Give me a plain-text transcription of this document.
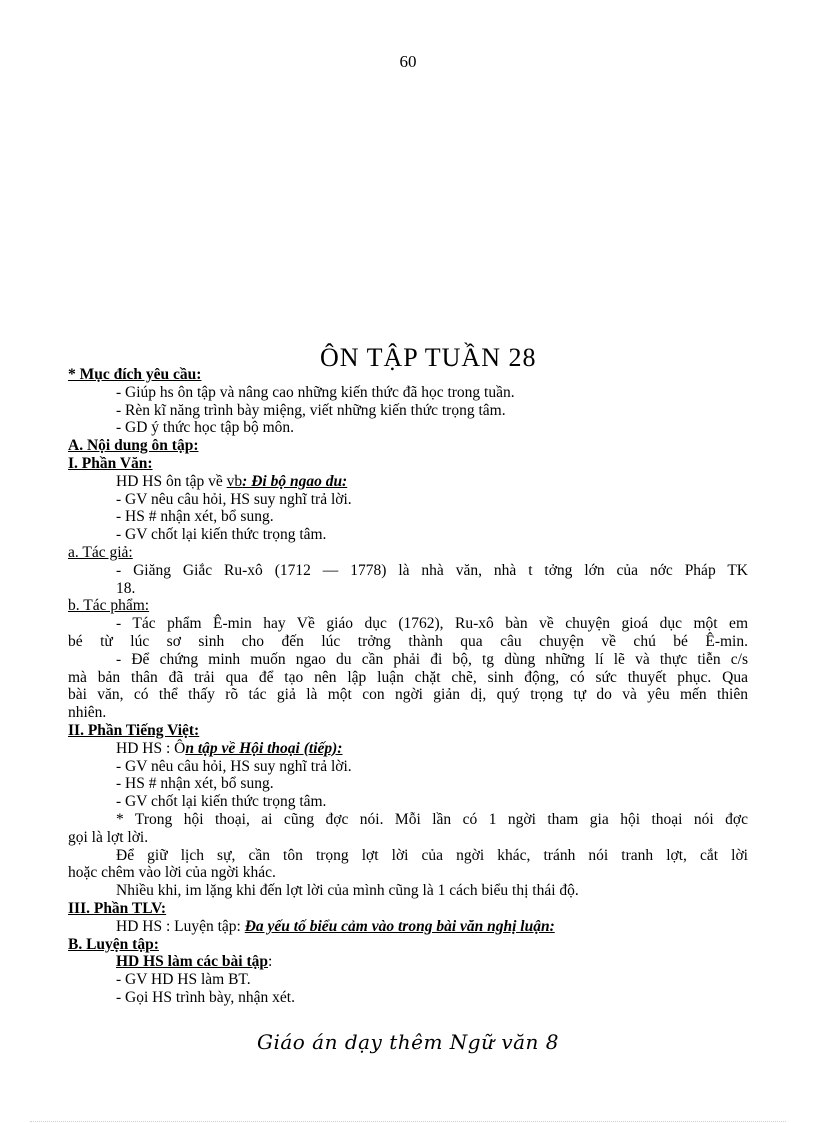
60
ÔN TẬP TUẦN 28
* Mục đích yêu cầu:
- Giúp hs ôn tập và nâng cao những kiến thức đã học trong tuần.
- Rèn kĩ năng trình bày miệng, viết những kiến thức trọng tâm.
- GD ý thức học tập bộ môn.
A. Nội dung ôn tập:
I. Phần Văn:
HD HS ôn tập về vb: Đi bộ ngao du:
- GV nêu câu hỏi, HS suy nghĩ trả lời.
- HS # nhận xét, bổ sung.
- GV chốt lại kiến thức trọng tâm.
a. Tác giả:
- Giăng Giắc Ru-xô (1712 — 1778) là nhà văn, nhà t tởng lớn của nớc Pháp TK
18.
b. Tác phẩm:
- Tác phẩm Ê-min hay Về giáo dục (1762), Ru-xô bàn về chuyện gioá dục một em
bé từ lúc sơ sinh cho đến lúc trởng thành qua câu chuyện về chú bé Ê-min.
- Để chứng minh muốn ngao du cần phải đi bộ, tg dùng những lí lẽ và thực tiễn c/s
mà bản thân đã trải qua để tạo nên lập luận chặt chẽ, sinh động, có sức thuyết phục. Qua
bài văn, có thể thấy rõ tác giả là một con ngời giản dị, quý trọng tự do và yêu mến thiên
nhiên.
II. Phần Tiếng Việt:
HD HS : Ôn tập về Hội thoại (tiếp):
- GV nêu câu hỏi, HS suy nghĩ trả lời.
- HS # nhận xét, bổ sung.
- GV chốt lại kiến thức trọng tâm.
* Trong hội thoại, ai cũng đợc nói. Mỗi lần có 1 ngời tham gia hội thoại nói đợc
gọi là lợt lời.
Để giữ lịch sự, cần tôn trọng lợt lời của ngời khác, tránh nói tranh lợt, cắt lời
hoặc chêm vào lời của ngời khác.
Nhiều khi, im lặng khi đến lợt lời của mình cũng là 1 cách biểu thị thái độ.
III. Phần TLV:
HD HS : Luyện tập: Đa yếu tố biểu cảm vào trong bài văn nghị luận:
B. Luyện tập:
HD HS làm các bài tập:
- GV HD HS làm BT.
- Gọi HS trình bày, nhận xét.
Giáo án dạy thêm Ngữ văn 8
